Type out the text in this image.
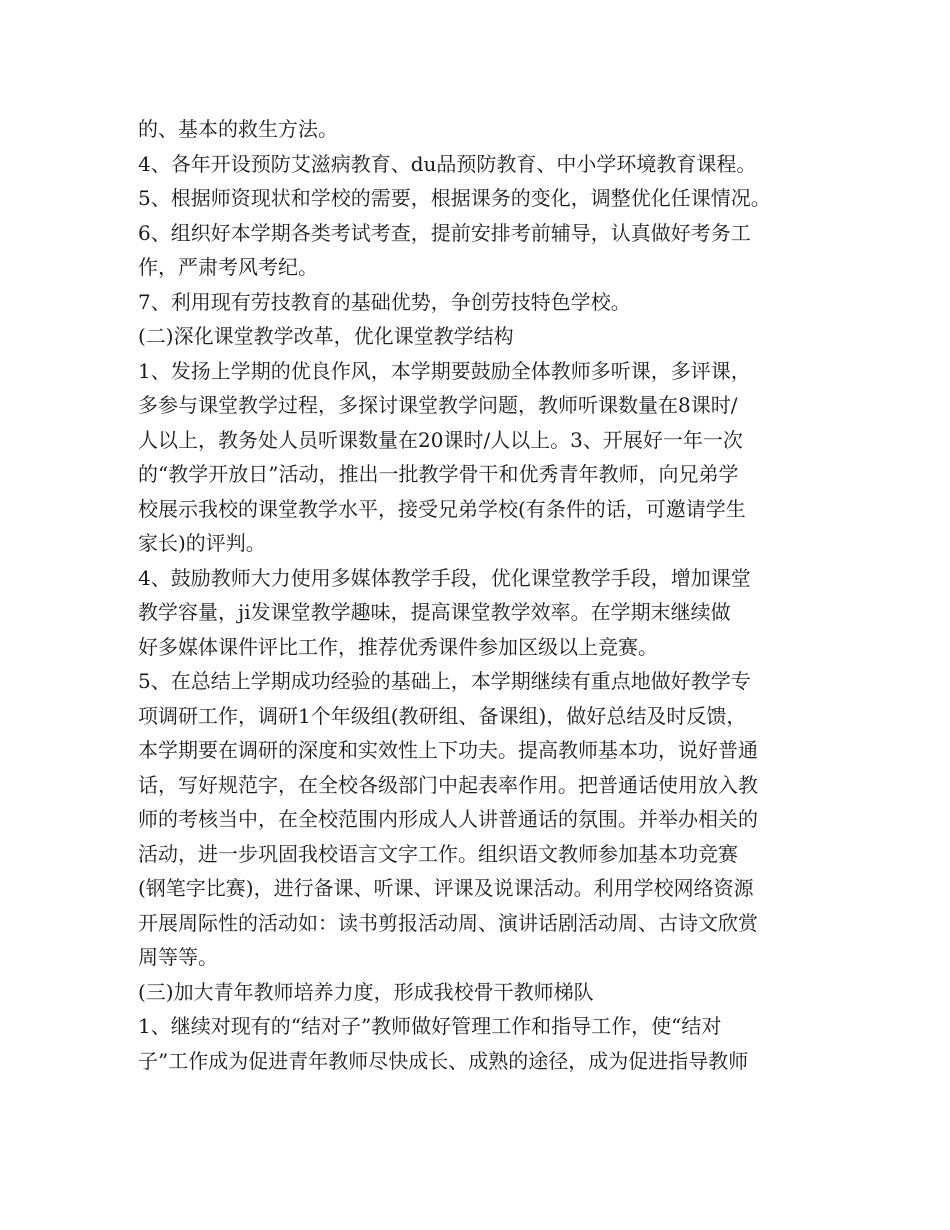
的、基本的救生方法。
4、各年开设预防艾滋病教育、du品预防教育、中小学环境教育课程。
5、根据师资现状和学校的需要，根据课务的变化，调整优化任课情况。
6、组织好本学期各类考试考查，提前安排考前辅导，认真做好考务工
作，严肃考风考纪。
7、利用现有劳技教育的基础优势，争创劳技特色学校。
(二)深化课堂教学改革，优化课堂教学结构
1、发扬上学期的优良作风，本学期要鼓励全体教师多听课，多评课，
多参与课堂教学过程，多探讨课堂教学问题，教师听课数量在8课时/
人以上，教务处人员听课数量在20课时/人以上。3、开展好一年一次
的“教学开放日”活动，推出一批教学骨干和优秀青年教师，向兄弟学
校展示我校的课堂教学水平，接受兄弟学校(有条件的话，可邀请学生
家长)的评判。
4、鼓励教师大力使用多媒体教学手段，优化课堂教学手段，增加课堂
教学容量，ji发课堂教学趣味，提高课堂教学效率。在学期末继续做
好多媒体课件评比工作，推荐优秀课件参加区级以上竞赛。
5、在总结上学期成功经验的基础上，本学期继续有重点地做好教学专
项调研工作，调研1个年级组(教研组、备课组)，做好总结及时反馈，
本学期要在调研的深度和实效性上下功夫。提高教师基本功，说好普通
话，写好规范字，在全校各级部门中起表率作用。把普通话使用放入教
师的考核当中，在全校范围内形成人人讲普通话的氛围。并举办相关的
活动，进一步巩固我校语言文字工作。组织语文教师参加基本功竞赛
(钢笔字比赛)，进行备课、听课、评课及说课活动。利用学校网络资源
开展周际性的活动如：读书剪报活动周、演讲话剧活动周、古诗文欣赏
周等等。
(三)加大青年教师培养力度，形成我校骨干教师梯队
1、继续对现有的“结对子”教师做好管理工作和指导工作，使“结对
子”工作成为促进青年教师尽快成长、成熟的途径，成为促进指导教师
